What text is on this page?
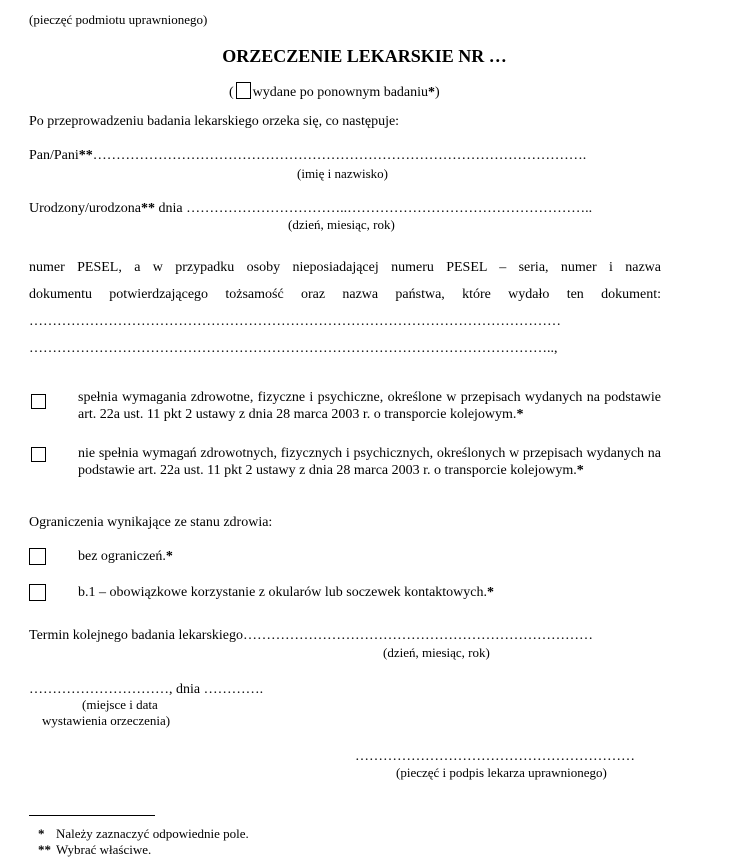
(pieczęć podmiotu uprawnionego)
ORZECZENIE LEKARSKIE NR …
( wydane po ponownym badaniu*)
Po przeprowadzeniu badania lekarskiego orzeka się, co następuje:
Pan/Pani**…………………………………………………………………………………………….
(imię i nazwisko)
Urodzony/urodzona** dnia ……………………………..……………………………………………..
(dzień, miesiąc, rok)
numer PESEL, a w przypadku osoby nieposiadającej numeru PESEL – seria, numer i nazwa
dokumentu potwierdzającego tożsamość oraz nazwa państwa, które wydało ten dokument:
……………………………………………………………………………………………………
…………………………………………………………………………………………………..,
spełnia wymagania zdrowotne, fizyczne i psychiczne, określone w przepisach wydanych na podstawie art. 22a ust. 11 pkt 2 ustawy z dnia 28 marca 2003 r. o transporcie kolejowym.*
nie spełnia wymagań zdrowotnych, fizycznych i psychicznych, określonych w przepisach wydanych na podstawie art. 22a ust. 11 pkt 2 ustawy z dnia 28 marca 2003 r. o transporcie kolejowym.*
Ograniczenia wynikające ze stanu zdrowia:
bez ograniczeń.*
b.1 – obowiązkowe korzystanie z okularów lub soczewek kontaktowych.*
Termin kolejnego badania lekarskiego…………………………………………………………………
(dzień, miesiąc, rok)
…………………………, dnia ………….
(miejsce i data
wystawienia orzeczenia)
……………………………………………………
(pieczęć i podpis lekarza uprawnionego)
* Należy zaznaczyć odpowiednie pole.
** Wybrać właściwe.
